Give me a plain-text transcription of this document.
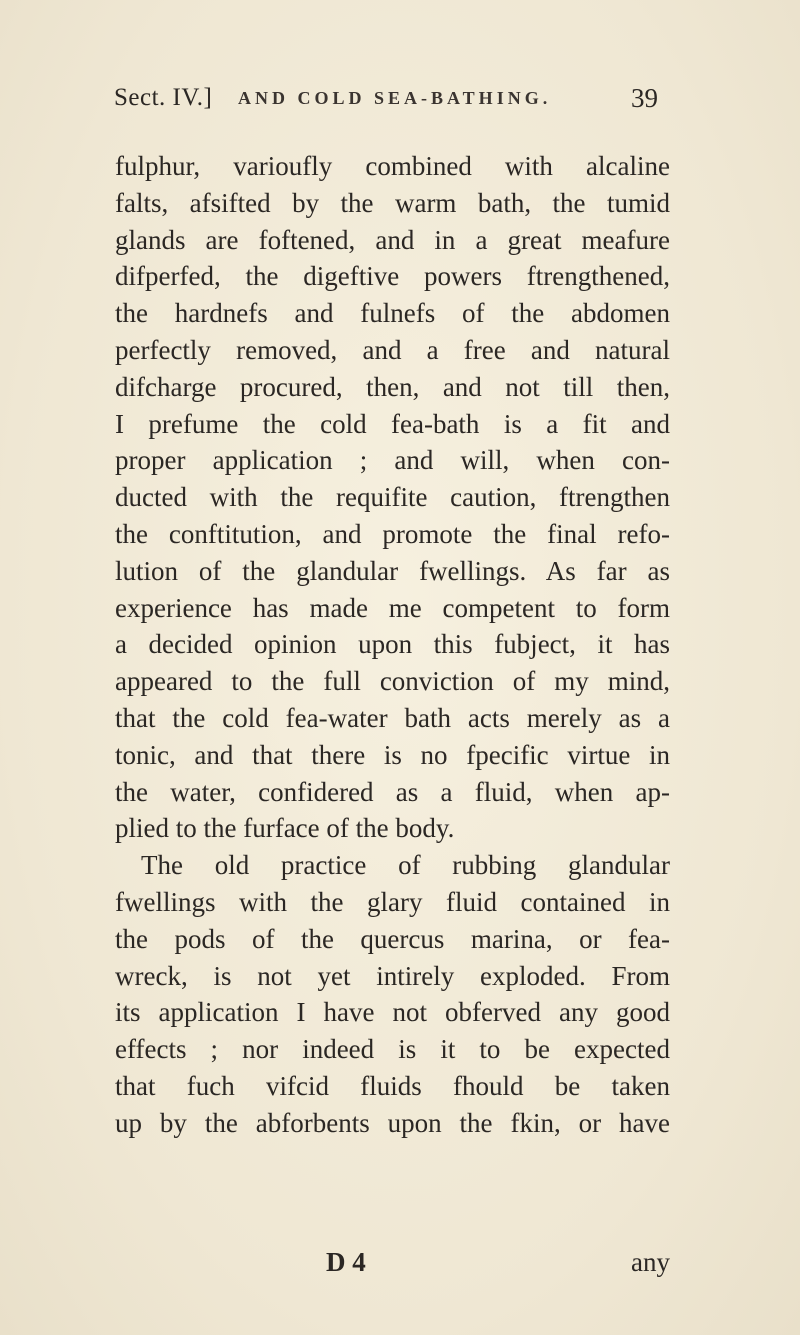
Sect. IV.] AND COLD SEA-BATHING.	39
fulphur, varioufly combined with alcaline
falts, afsifted by the warm bath, the tumid
glands are foftened, and in a great meafure
difperfed, the digeftive powers ftrengthened,
the hardnefs and fulnefs of the abdomen
perfectly removed, and a free and natural
difcharge procured, then, and not till then,
I prefume the cold fea-bath is a fit and
proper application ; and will, when con-
ducted with the requifite caution, ftrengthen
the conftitution, and promote the final refo-
lution of the glandular fwellings. As far as
experience has made me competent to form
a decided opinion upon this fubject, it has
appeared to the full conviction of my mind,
that the cold fea-water bath acts merely as a
tonic, and that there is no fpecific virtue in
the water, confidered as a fluid, when ap-
plied to the furface of the body.
The old practice of rubbing glandular
fwellings with the glary fluid contained in
the pods of the quercus marina, or fea-
wreck, is not yet intirely exploded. From
its application I have not obferved any good
effects ; nor indeed is it to be expected
that fuch vifcid fluids fhould be taken
up by the abforbents upon the fkin, or have
D 4	any
